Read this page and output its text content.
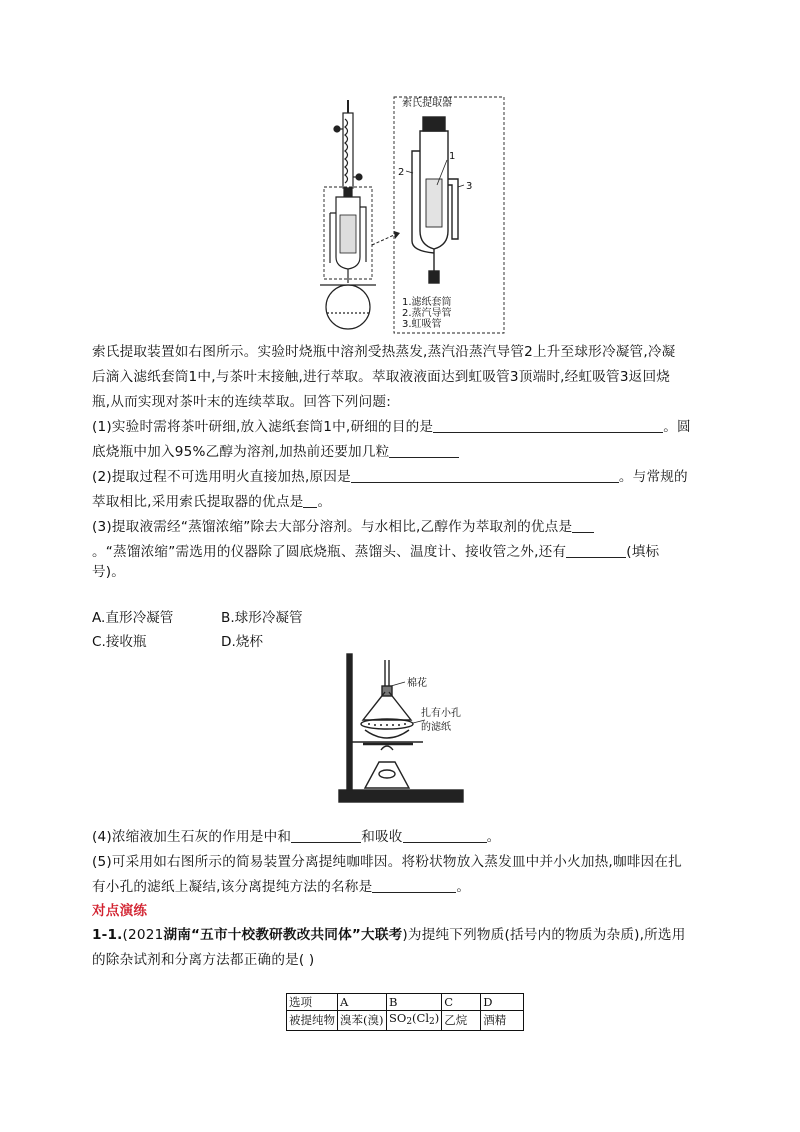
索氏提取器
1
2
3
1.滤纸套筒
2.蒸汽导管
3.虹吸管
索氏提取装置如右图所示。实验时烧瓶中溶剂受热蒸发,蒸汽沿蒸汽导管2上升至球形冷凝管,冷凝
后滴入滤纸套筒1中,与茶叶末接触,进行萃取。萃取液液面达到虹吸管3顶端时,经虹吸管3返回烧
瓶,从而实现对茶叶末的连续萃取。回答下列问题:
(1)实验时需将茶叶研细,放入滤纸套筒1中,研细的目的是	。圆
底烧瓶中加入95%乙醇为溶剂,加热前还要加几粒
(2)提取过程不可选用明火直接加热,原因是	。与常规的
萃取相比,采用索氏提取器的优点是 。
(3)提取液需经“蒸馏浓缩”除去大部分溶剂。与水相比,乙醇作为萃取剂的优点是
。“蒸馏浓缩”需选用的仪器除了圆底烧瓶、蒸馏头、温度计、接收管之外,还有	(填标
号)。
A.直形冷凝管	B.球形冷凝管
C.接收瓶	D.烧杯
棉花
扎有小孔
的滤纸
(4)浓缩液加生石灰的作用是中和	和吸收	。
(5)可采用如右图所示的简易装置分离提纯咖啡因。将粉状物放入蒸发皿中并小火加热,咖啡因在扎
有小孔的滤纸上凝结,该分离提纯方法的名称是	。
对点演练
1-1.(2021湖南“五市十校教研教改共同体”大联考)为提纯下列物质(括号内的物质为杂质),所选用
的除杂试剂和分离方法都正确的是( )
选项	A	B	C	D
被提纯物	溴苯(溴)	$SO_2(Cl_2)$	乙烷	酒精
